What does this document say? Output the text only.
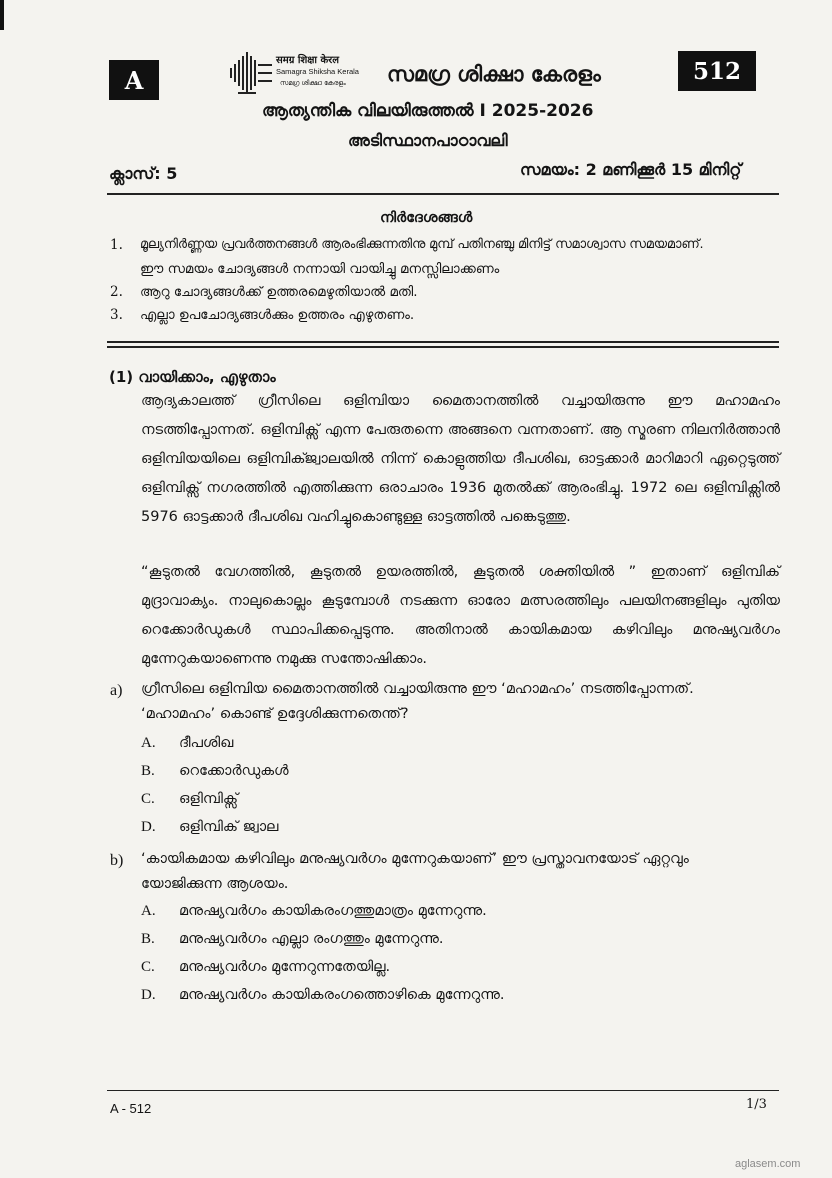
A	512
समग्र शिक्षा केरल
Samagra Shiksha Kerala
സമഗ്ര ശിക്ഷാ കേരളം സമഗ്ര ശിക്ഷാ കേരളം
ആത്യന്തിക വിലയിരുത്തൽ I 2025-2026
അടിസ്ഥാനപാഠാവലി
ക്ലാസ്: 5	സമയം: 2 മണിക്കൂർ 15 മിനിറ്റ്
നിർദേശങ്ങൾ
1. മൂല്യനിർണ്ണയ പ്രവർത്തനങ്ങൾ ആരംഭിക്കുന്നതിനു മുമ്പ് പതിനഞ്ചു മിനിട്ട് സമാശ്വാസ സമയമാണ്.
ഈ സമയം ചോദ്യങ്ങൾ നന്നായി വായിച്ചു മനസ്സിലാക്കണം
2. ആറു ചോദ്യങ്ങൾക്ക് ഉത്തരമെഴുതിയാൽ മതി.
3. എല്ലാ ഉപചോദ്യങ്ങൾക്കും ഉത്തരം എഴുതണം.
(1) വായിക്കാം, എഴുതാം
ആദ്യകാലത്ത് ഗ്രീസിലെ ഒളിമ്പിയാ മൈതാനത്തിൽ വച്ചായിരുന്നു ഈ മഹാമഹം നടത്തിപ്പോന്നത്. ഒളിമ്പിക്സ് എന്ന പേരുതന്നെ അങ്ങനെ വന്നതാണ്. ആ സ്മരണ നിലനിർത്താൻ ഒളിമ്പിയയിലെ ഒളിമ്പിക്ജ്വാലയിൽ നിന്ന് കൊളുത്തിയ ദീപശിഖ, ഓട്ടക്കാർ മാറിമാറി ഏറ്റെടുത്ത് ഒളിമ്പിക്സ് നഗരത്തിൽ എത്തിക്കുന്ന ഒരാചാരം 1936 മുതൽക്ക് ആരംഭിച്ചു. 1972 ലെ ഒളിമ്പിക്സിൽ 5976 ഓട്ടക്കാർ ദീപശിഖ വഹിച്ചുകൊണ്ടുള്ള ഓട്ടത്തിൽ പങ്കെടുത്തു.
“കൂടുതൽ വേഗത്തിൽ, കൂടുതൽ ഉയരത്തിൽ, കൂടുതൽ ശക്തിയിൽ ” ഇതാണ് ഒളിമ്പിക് മുദ്രാവാക്യം. നാലുകൊല്ലം കൂടുമ്പോൾ നടക്കുന്ന ഓരോ മത്സരത്തിലും പലയിനങ്ങളിലും പുതിയ റെക്കോർഡുകൾ സ്ഥാപിക്കപ്പെടുന്നു. അതിനാൽ കായികമായ കഴിവിലും മനുഷ്യവർഗം മുന്നേറുകയാണെന്നു നമുക്കു സന്തോഷിക്കാം.
a) ഗ്രീസിലെ ഒളിമ്പിയ മൈതാനത്തിൽ വച്ചായിരുന്നു ഈ ‘മഹാമഹം’ നടത്തിപ്പോന്നത്.
‘മഹാമഹം’ കൊണ്ട് ഉദ്ദേശിക്കുന്നതെന്ത്?
A. ദീപശിഖ
B. റെക്കോർഡുകൾ
C. ഒളിമ്പിക്സ്
D. ഒളിമ്പിക് ജ്വാല
b) ‘കായികമായ കഴിവിലും മനുഷ്യവർഗം മുന്നേറുകയാണ്’ ഈ പ്രസ്താവനയോട് ഏറ്റവും
യോജിക്കുന്ന ആശയം.
A. മനുഷ്യവർഗം കായികരംഗത്തുമാത്രം മുന്നേറുന്നു.
B. മനുഷ്യവർഗം എല്ലാ രംഗത്തും മുന്നേറുന്നു.
C. മനുഷ്യവർഗം മുന്നേറുന്നതേയില്ല.
D. മനുഷ്യവർഗം കായികരംഗത്തൊഴികെ മുന്നേറുന്നു.
A - 512	1/3
aglasem.com
